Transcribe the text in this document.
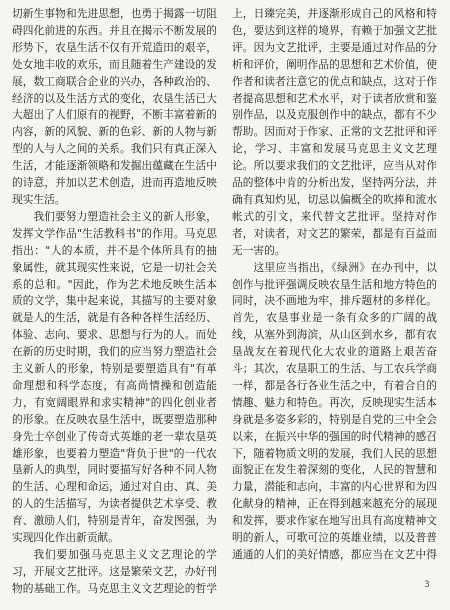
切新生事物和先进思想，也勇于揭露一切阻碍四化前进的东西。并且在揭示不断发展的形势下，农垦生活不仅有开荒造田的艰辛，处女地丰收的欢乐，而且随着生产建设的发展，数工商联合企业的兴办，各种政治的、经济的以及生活方式的变化，农垦生活已大大超出了人们原有的视野，不断丰富着新的内容，新的风貌、新的色彩、新的人物与新型的人与人之间的关系。我们只有真正深入生活，才能逐渐领略和发掘出蕴藏在生活中的诗意，并加以艺术创造，进而再造地反映现实生活。

我们要努力塑造社会主义的新人形象，发挥文学作品"生活教科书"的作用。马克思指出："人的本质，并不是个体所具有的抽象属性，就其现实性来说，它是一切社会关系的总和。"因此，作为艺术地反映生活本质的文学，集中起来说，其描写的主要对象就是人的生活，就是有各种各样生活经历、体验、志向、要求、思想与行为的人。而处在新的历史时期，我们的应当努力塑造社会主义新人的形象，特别是要塑造具有"有革命理想和科学态度，有高尚情操和创造能力，有宽阔眼界和求实精神"的四化创业者的形象。在反映农垦生活中，既要塑造那种身先士卒创业了传奇式英雄的老一辈农垦英雄形象，也要着力塑造"背负于世"的一代农垦新人的典型，同时要描写好各种不同人物的生活、心理和命运，通过对自由、真、美的人的生活描写，为读者提供艺术享受、教育、激励人们，特别是青年，奋发图强，为实现四化作出新贡献。

我们要加强马克思主义文艺理论的学习，开展文艺批评。这是繁荣文艺，办好刊物的基础工作。马克思主义文艺理论的哲学

上，日臻完美，并逐渐形成自己的风格和特色，要达到这样的境界，有赖于加强文艺批评。因为文艺批评，主要是通过对作品的分析和评价，阐明作品的思想和艺术价值，使作者和读者注意它的优点和缺点，这对于作者提高思想和艺术水平，对于读者欣赏和鉴别作品，以及克服创作中的缺点，都有不少帮助。因而对于作家、正常的文艺批评和评论，学习、丰富和发展马克思主义文艺理论。所以要求我们的文艺批评，应当从对作品的整体中肯的分析出发，坚持两分法，并确有真知灼见，切忌以偏概全的吹捧和流水帐式的引文，来代替文艺批评。坚持对作者，对读者，对文艺的繁荣，都是有百益而无一害的。

这里应当指出，《绿洲》在办刊中，以创作与批评强调反映农垦生活和地方特色的同时，决不画地为牢，排斥题材的多样化。首先，农垦事业是一条有众多的广阔的战线，从塞外到海滨，从山区到水乡，都有农垦战友在着现代化大农业的道路上艰苦奋斗；其次，农垦职工的生活、与工农兵学商一样，都是各行各业生活之中，有着合自的情趣、魅力和特色。再次，反映现实生活本身就是多姿多彩的，特别是自党的三中全会以来，在振兴中华的强国的时代精神的感召下，随着物质文明的发展，我们人民的思想面貌正在发生着深刻的变化，人民的智慧和力量，潜能和志向，丰富的内心世界和为四化献身的精神，正在得到越来越充分的展现和发挥，要求作家在地写出具有高度精神文明的新人，可歌可泣的英雄业绩，以及普普通通的人们的美好情感，都应当在文艺中得

3
